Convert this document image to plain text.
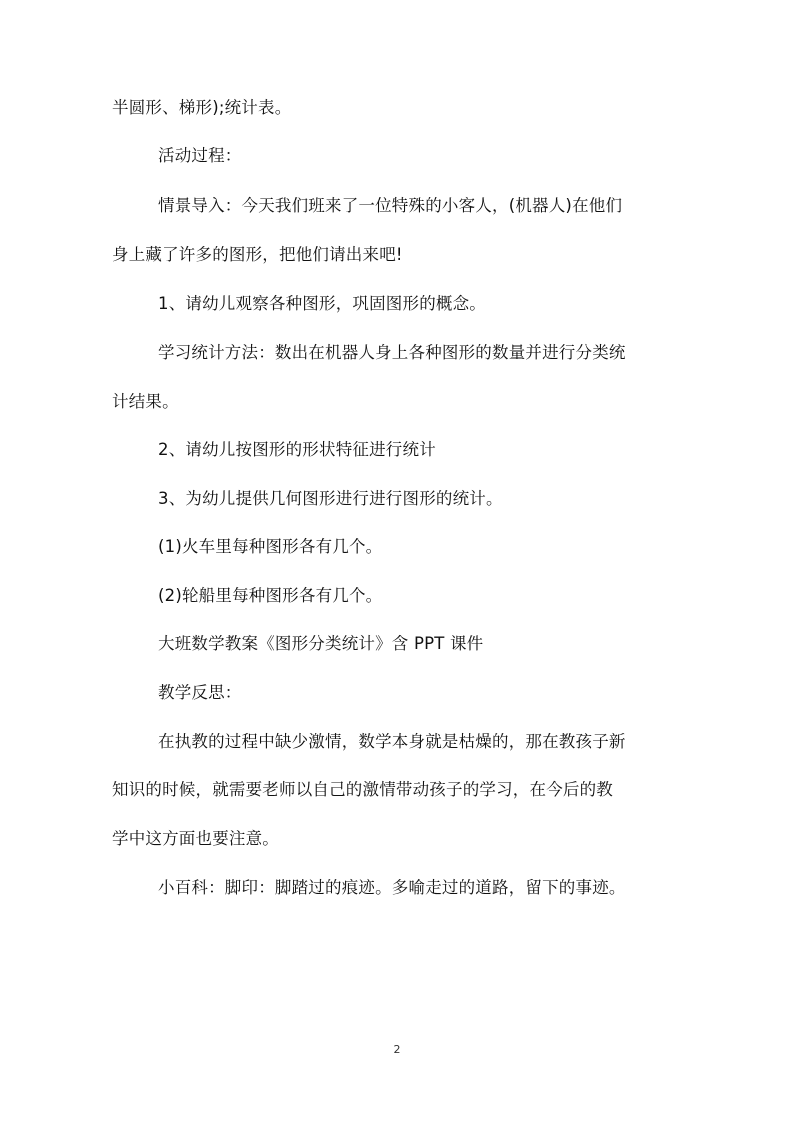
半圆形、梯形);统计表。
活动过程：
情景导入：今天我们班来了一位特殊的小客人，(机器人)在他们
身上藏了许多的图形，把他们请出来吧!
1、请幼儿观察各种图形，巩固图形的概念。
学习统计方法：数出在机器人身上各种图形的数量并进行分类统
计结果。
2、请幼儿按图形的形状特征进行统计
3、为幼儿提供几何图形进行进行图形的统计。
(1)火车里每种图形各有几个。
(2)轮船里每种图形各有几个。
大班数学教案《图形分类统计》含 PPT 课件
教学反思：
在执教的过程中缺少激情，数学本身就是枯燥的，那在教孩子新
知识的时候，就需要老师以自己的激情带动孩子的学习，在今后的教
学中这方面也要注意。
小百科：脚印：脚踏过的痕迹。多喻走过的道路，留下的事迹。
2
